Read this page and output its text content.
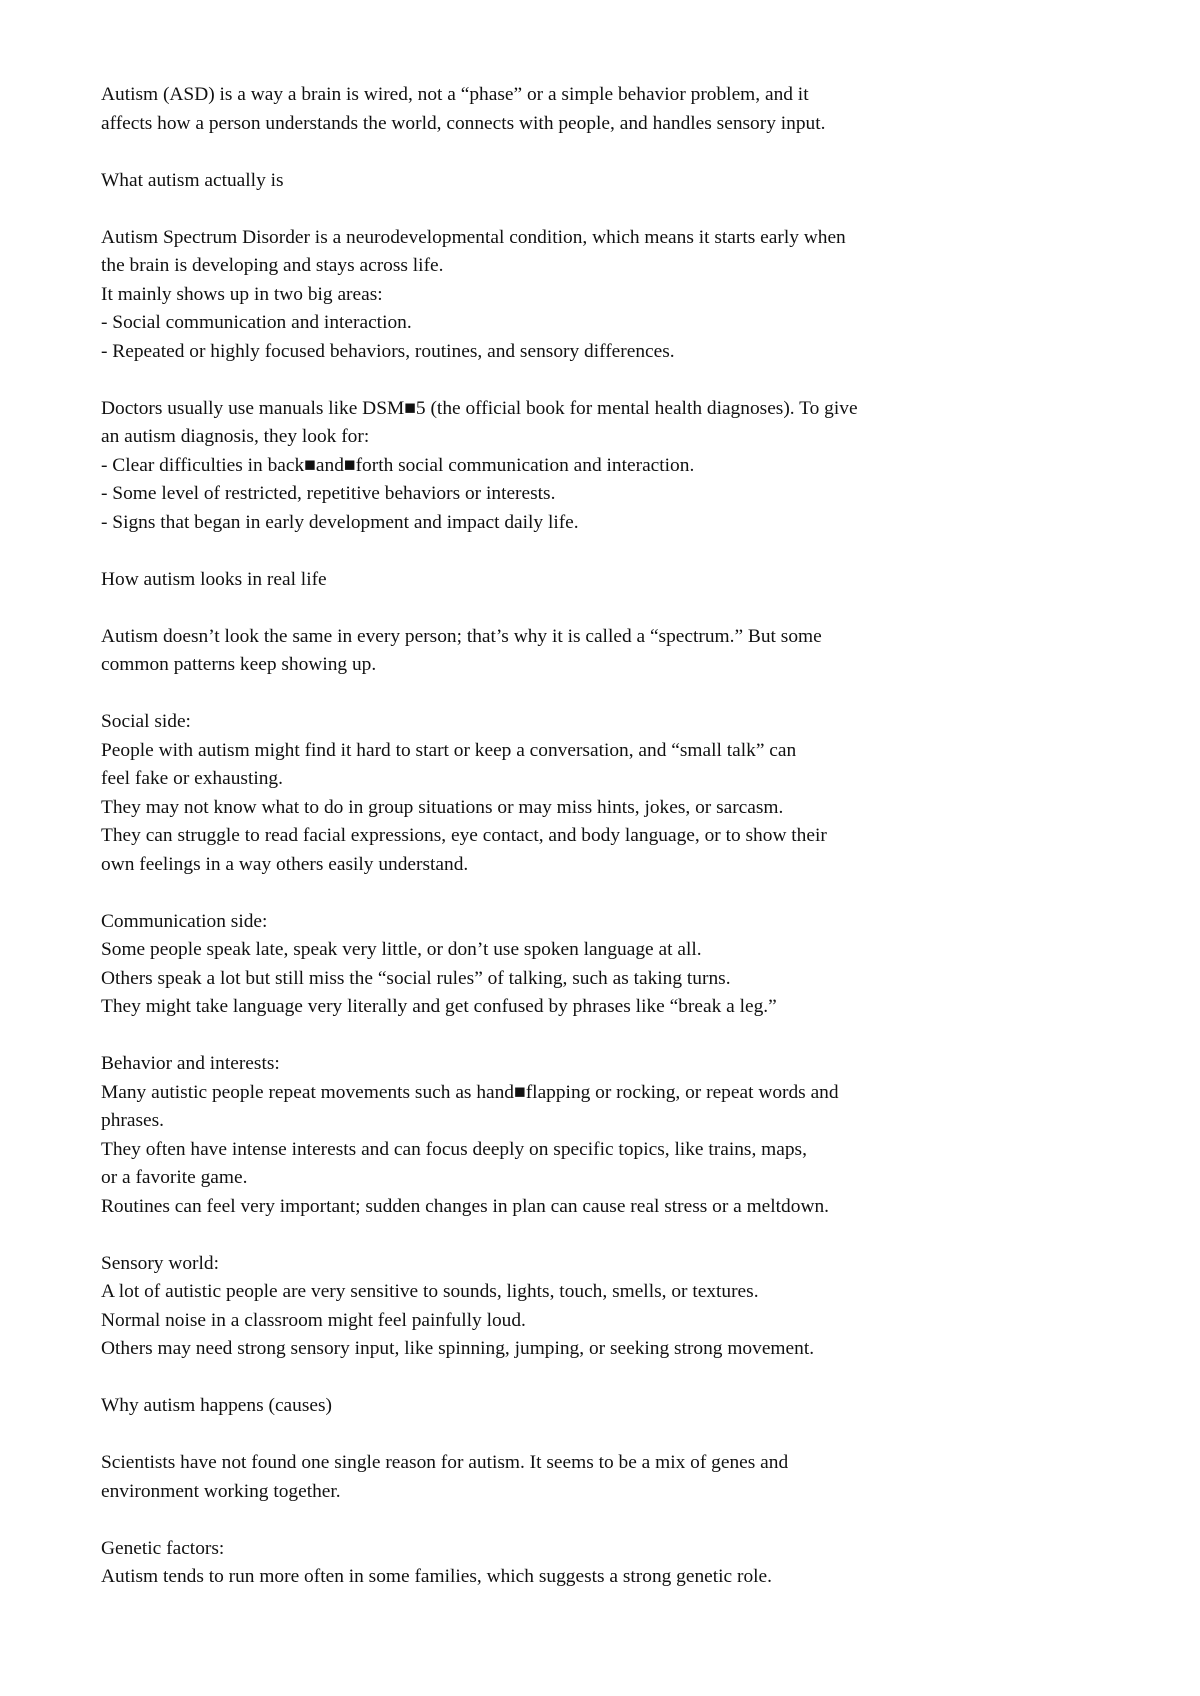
Autism (ASD) is a way a brain is wired, not a “phase” or a simple behavior problem, and it
affects how a person understands the world, connects with people, and handles sensory input.
What autism actually is
Autism Spectrum Disorder is a neurodevelopmental condition, which means it starts early when
the brain is developing and stays across life.
It mainly shows up in two big areas:
- Social communication and interaction.
- Repeated or highly focused behaviors, routines, and sensory differences.
Doctors usually use manuals like DSM■5 (the official book for mental health diagnoses). To give
an autism diagnosis, they look for:
- Clear difficulties in back■and■forth social communication and interaction.
- Some level of restricted, repetitive behaviors or interests.
- Signs that began in early development and impact daily life.
How autism looks in real life
Autism doesn’t look the same in every person; that’s why it is called a “spectrum.” But some
common patterns keep showing up.
Social side:
People with autism might find it hard to start or keep a conversation, and “small talk” can
feel fake or exhausting.
They may not know what to do in group situations or may miss hints, jokes, or sarcasm.
They can struggle to read facial expressions, eye contact, and body language, or to show their
own feelings in a way others easily understand.
Communication side:
Some people speak late, speak very little, or don’t use spoken language at all.
Others speak a lot but still miss the “social rules” of talking, such as taking turns.
They might take language very literally and get confused by phrases like “break a leg.”
Behavior and interests:
Many autistic people repeat movements such as hand■flapping or rocking, or repeat words and
phrases.
They often have intense interests and can focus deeply on specific topics, like trains, maps,
or a favorite game.
Routines can feel very important; sudden changes in plan can cause real stress or a meltdown.
Sensory world:
A lot of autistic people are very sensitive to sounds, lights, touch, smells, or textures.
Normal noise in a classroom might feel painfully loud.
Others may need strong sensory input, like spinning, jumping, or seeking strong movement.
Why autism happens (causes)
Scientists have not found one single reason for autism. It seems to be a mix of genes and
environment working together.
Genetic factors:
Autism tends to run more often in some families, which suggests a strong genetic role.
